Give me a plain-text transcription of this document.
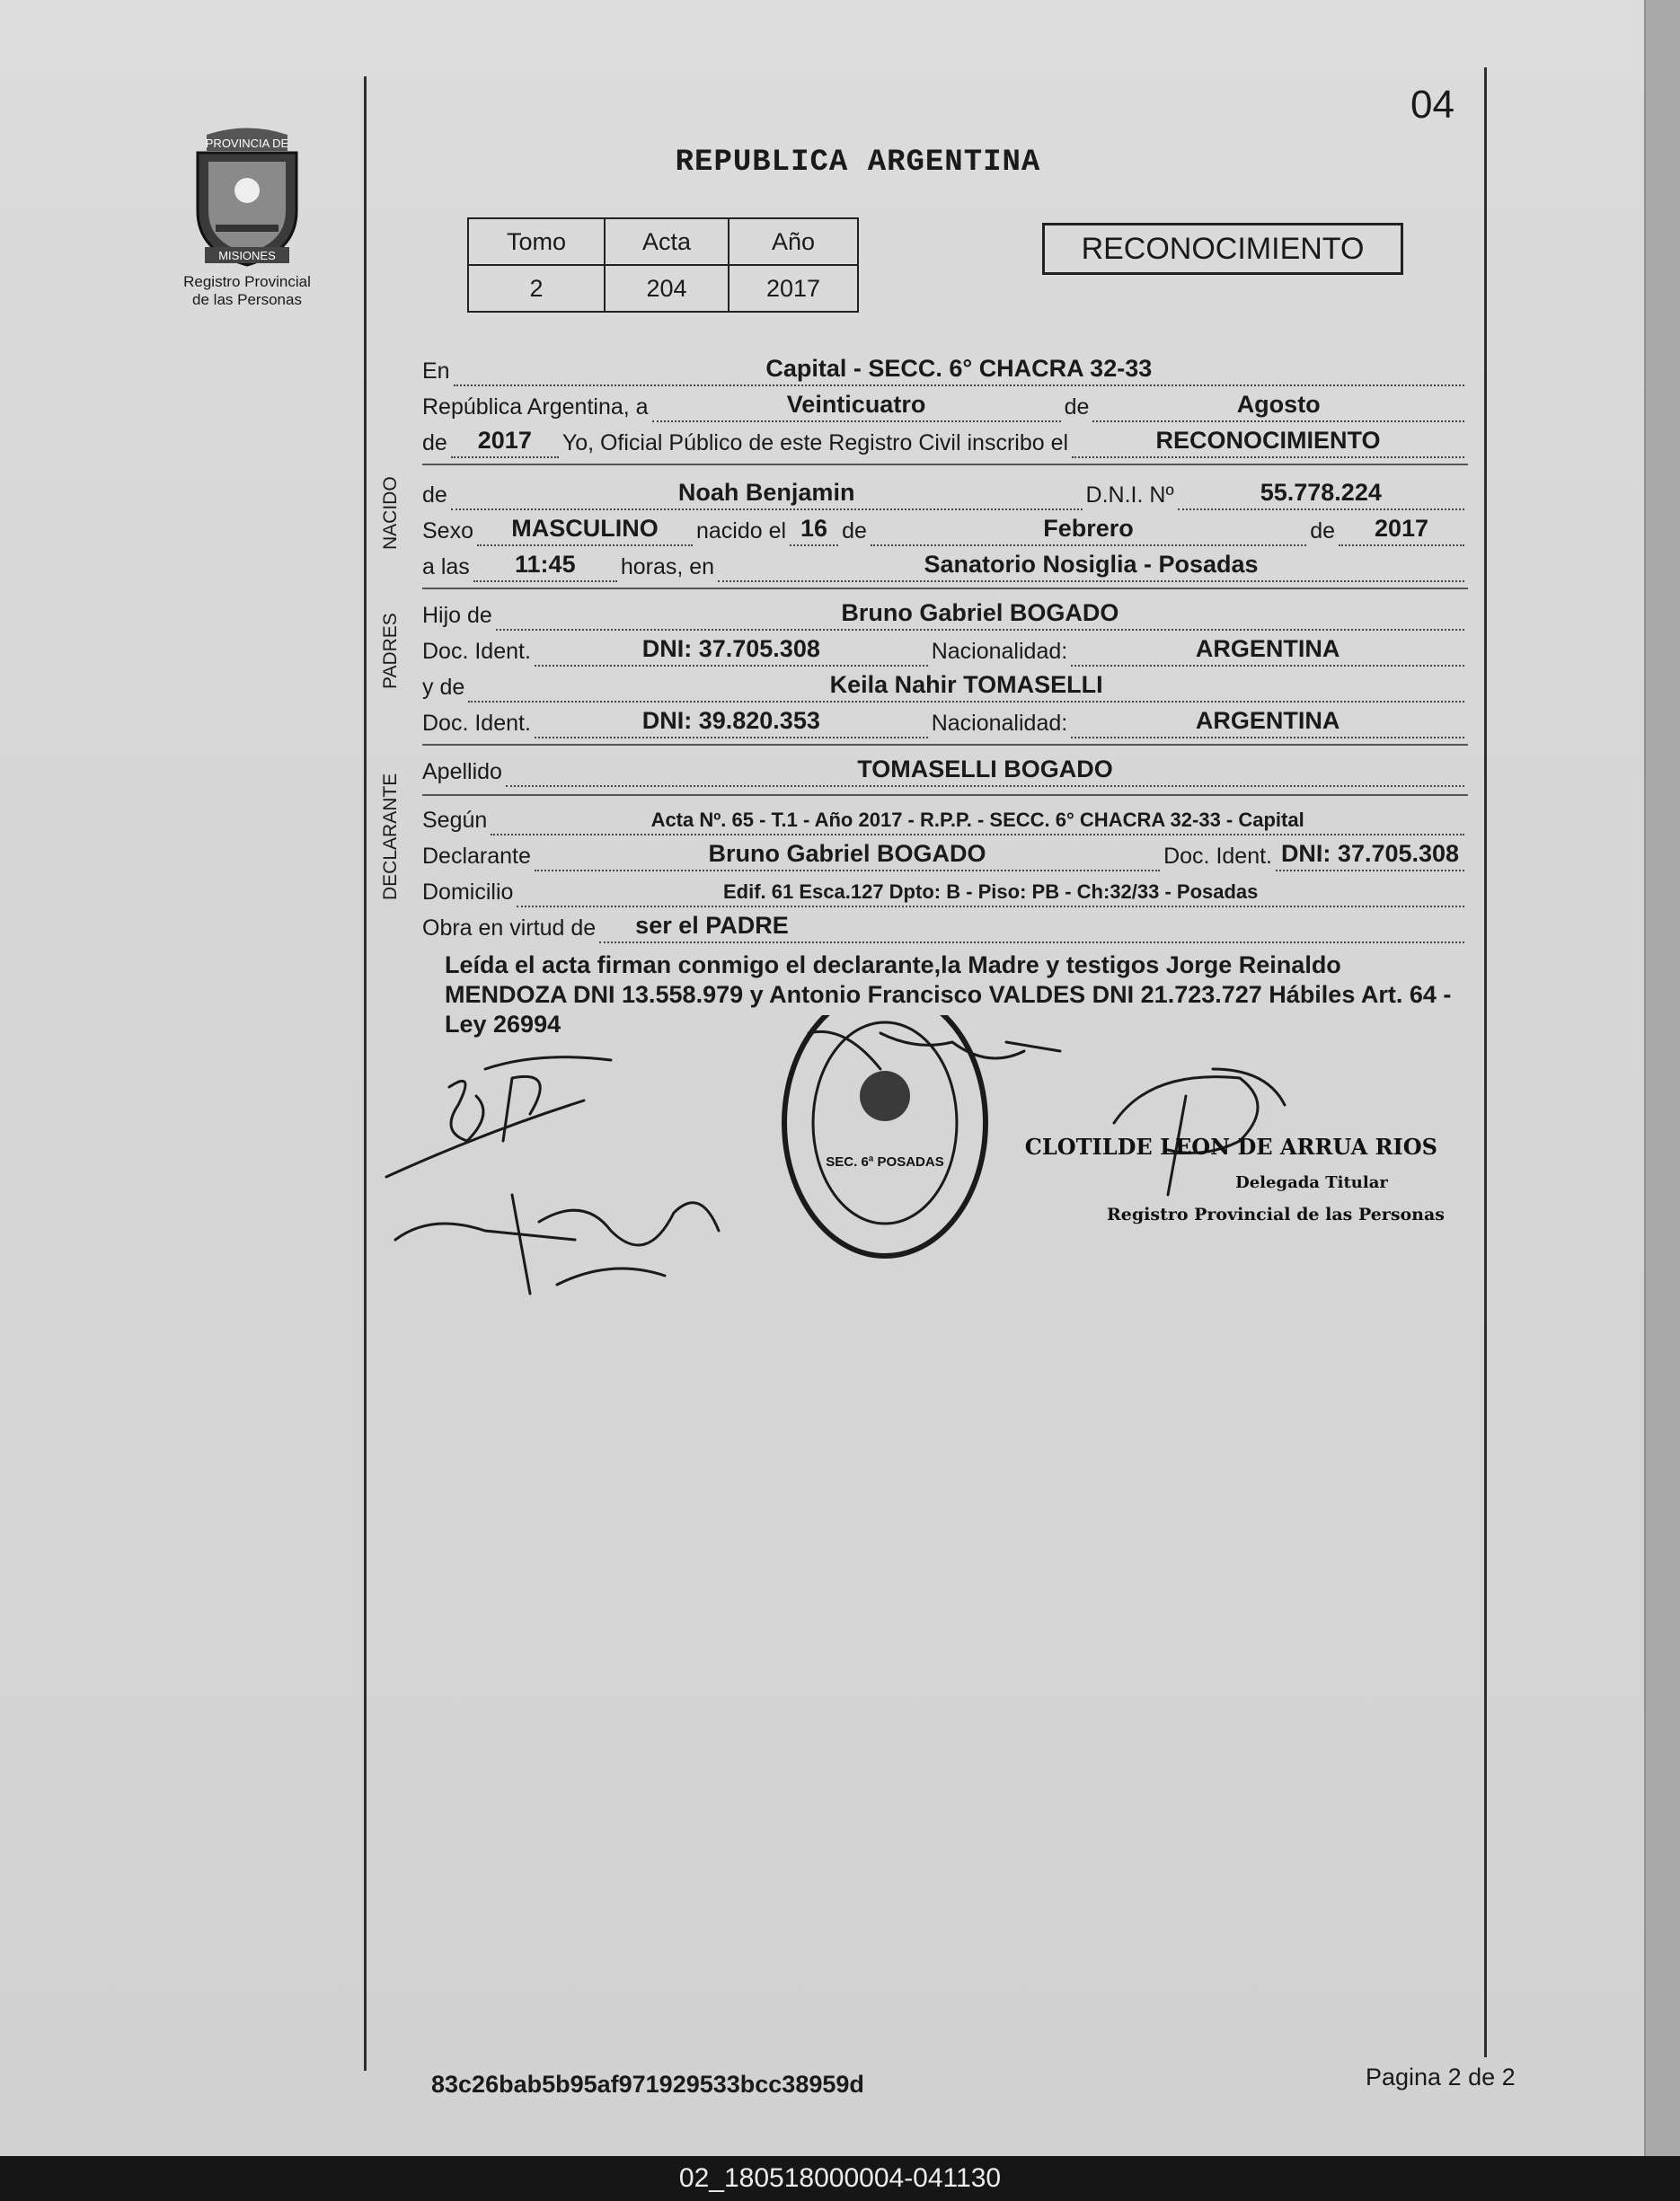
04
PROVINCIA DE
MISIONES
Registro Provincial
de las Personas
REPUBLICA ARGENTINA
Tomo	Acta	Año
2	204	2017
RECONOCIMIENTO
En	Capital - SECC. 6° CHACRA 32-33
República Argentina, a	Veinticuatro	de	Agosto
de	2017	Yo, Oficial Público de este Registro Civil inscribo el	RECONOCIMIENTO
NACIDO
PADRES
de	Noah Benjamin	D.N.I. Nº	55.778.224
Sexo	MASCULINO	nacido el 16 de	Febrero	de	2017
a las	11:45	horas, en	Sanatorio Nosiglia - Posadas
Hijo de	Bruno Gabriel BOGADO
Doc. Ident.	DNI: 37.705.308	Nacionalidad:	ARGENTINA
y de	Keila Nahir TOMASELLI
Doc. Ident.	DNI: 39.820.353	Nacionalidad:	ARGENTINA
Apellido	TOMASELLI BOGADO
Según	Acta Nº. 65 - T.1 - Año 2017 - R.P.P. - SECC. 6° CHACRA 32-33 - Capital
Declarante	Bruno Gabriel BOGADO	Doc. Ident. DNI: 37.705.308
Domicilio	Edif. 61 Esca.127 Dpto: B - Piso: PB - Ch:32/33 - Posadas
Obra en virtud de	ser el PADRE
Leída el acta firman conmigo el declarante,la Madre y testigos Jorge Reinaldo MENDOZA DNI 13.558.979 y Antonio Francisco VALDES DNI 21.723.727 Hábiles Art. 64 - Ley 26994
SEC. 6ª POSADAS
CLOTILDE LEON DE ARRUA RIOS
Delegada Titular
Registro Provincial de las Personas
83c26bab5b95af971929533bcc38959d	Pagina 2 de 2
02_180518000004-041130
